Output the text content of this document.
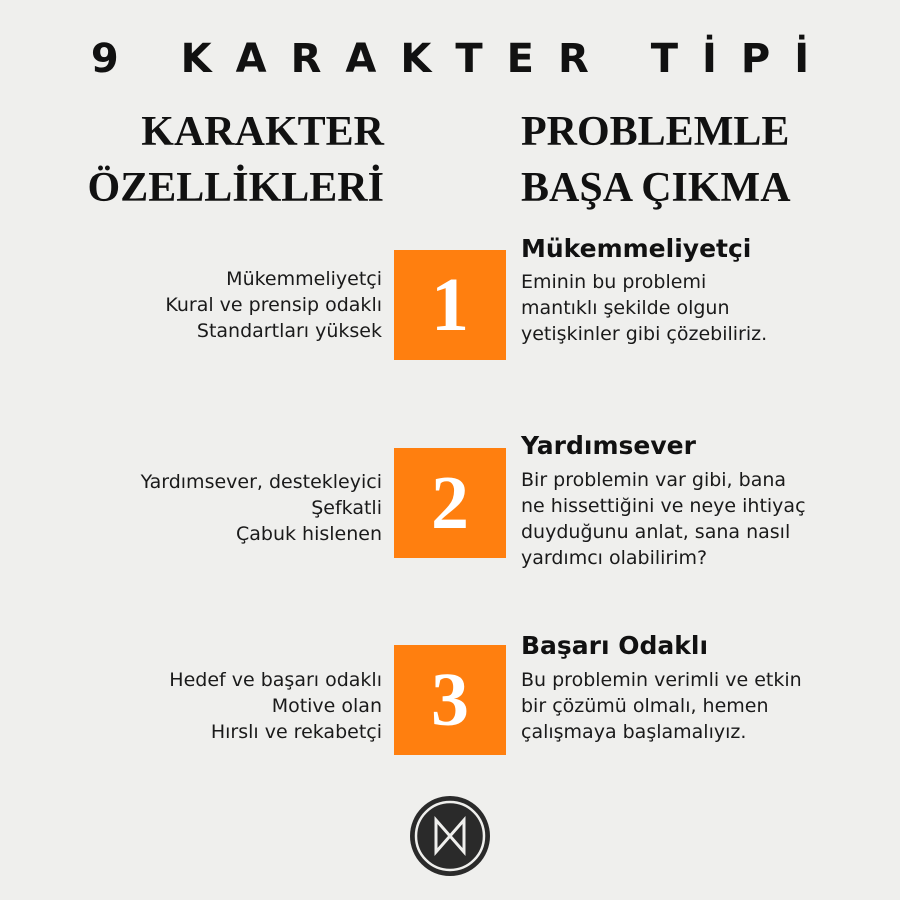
9 KARAKTER TİPİ
KARAKTER
ÖZELLİKLERİ
PROBLEMLE
BAŞA ÇIKMA
Mükemmeliyetçi
Kural ve prensip odaklı
Standartları yüksek 1
Mükemmeliyetçi
Eminin bu problemi
mantıklı şekilde olgun
yetişkinler gibi çözebiliriz.
Yardımsever, destekleyici
Şefkatli
Çabuk hislenen 2
Yardımsever
Bir problemin var gibi, bana
ne hissettiğini ve neye ihtiyaç
duyduğunu anlat, sana nasıl
yardımcı olabilirim?
Hedef ve başarı odaklı
Motive olan
Hırslı ve rekabetçi 3
Başarı Odaklı
Bu problemin verimli ve etkin
bir çözümü olmalı, hemen
çalışmaya başlamalıyız.
